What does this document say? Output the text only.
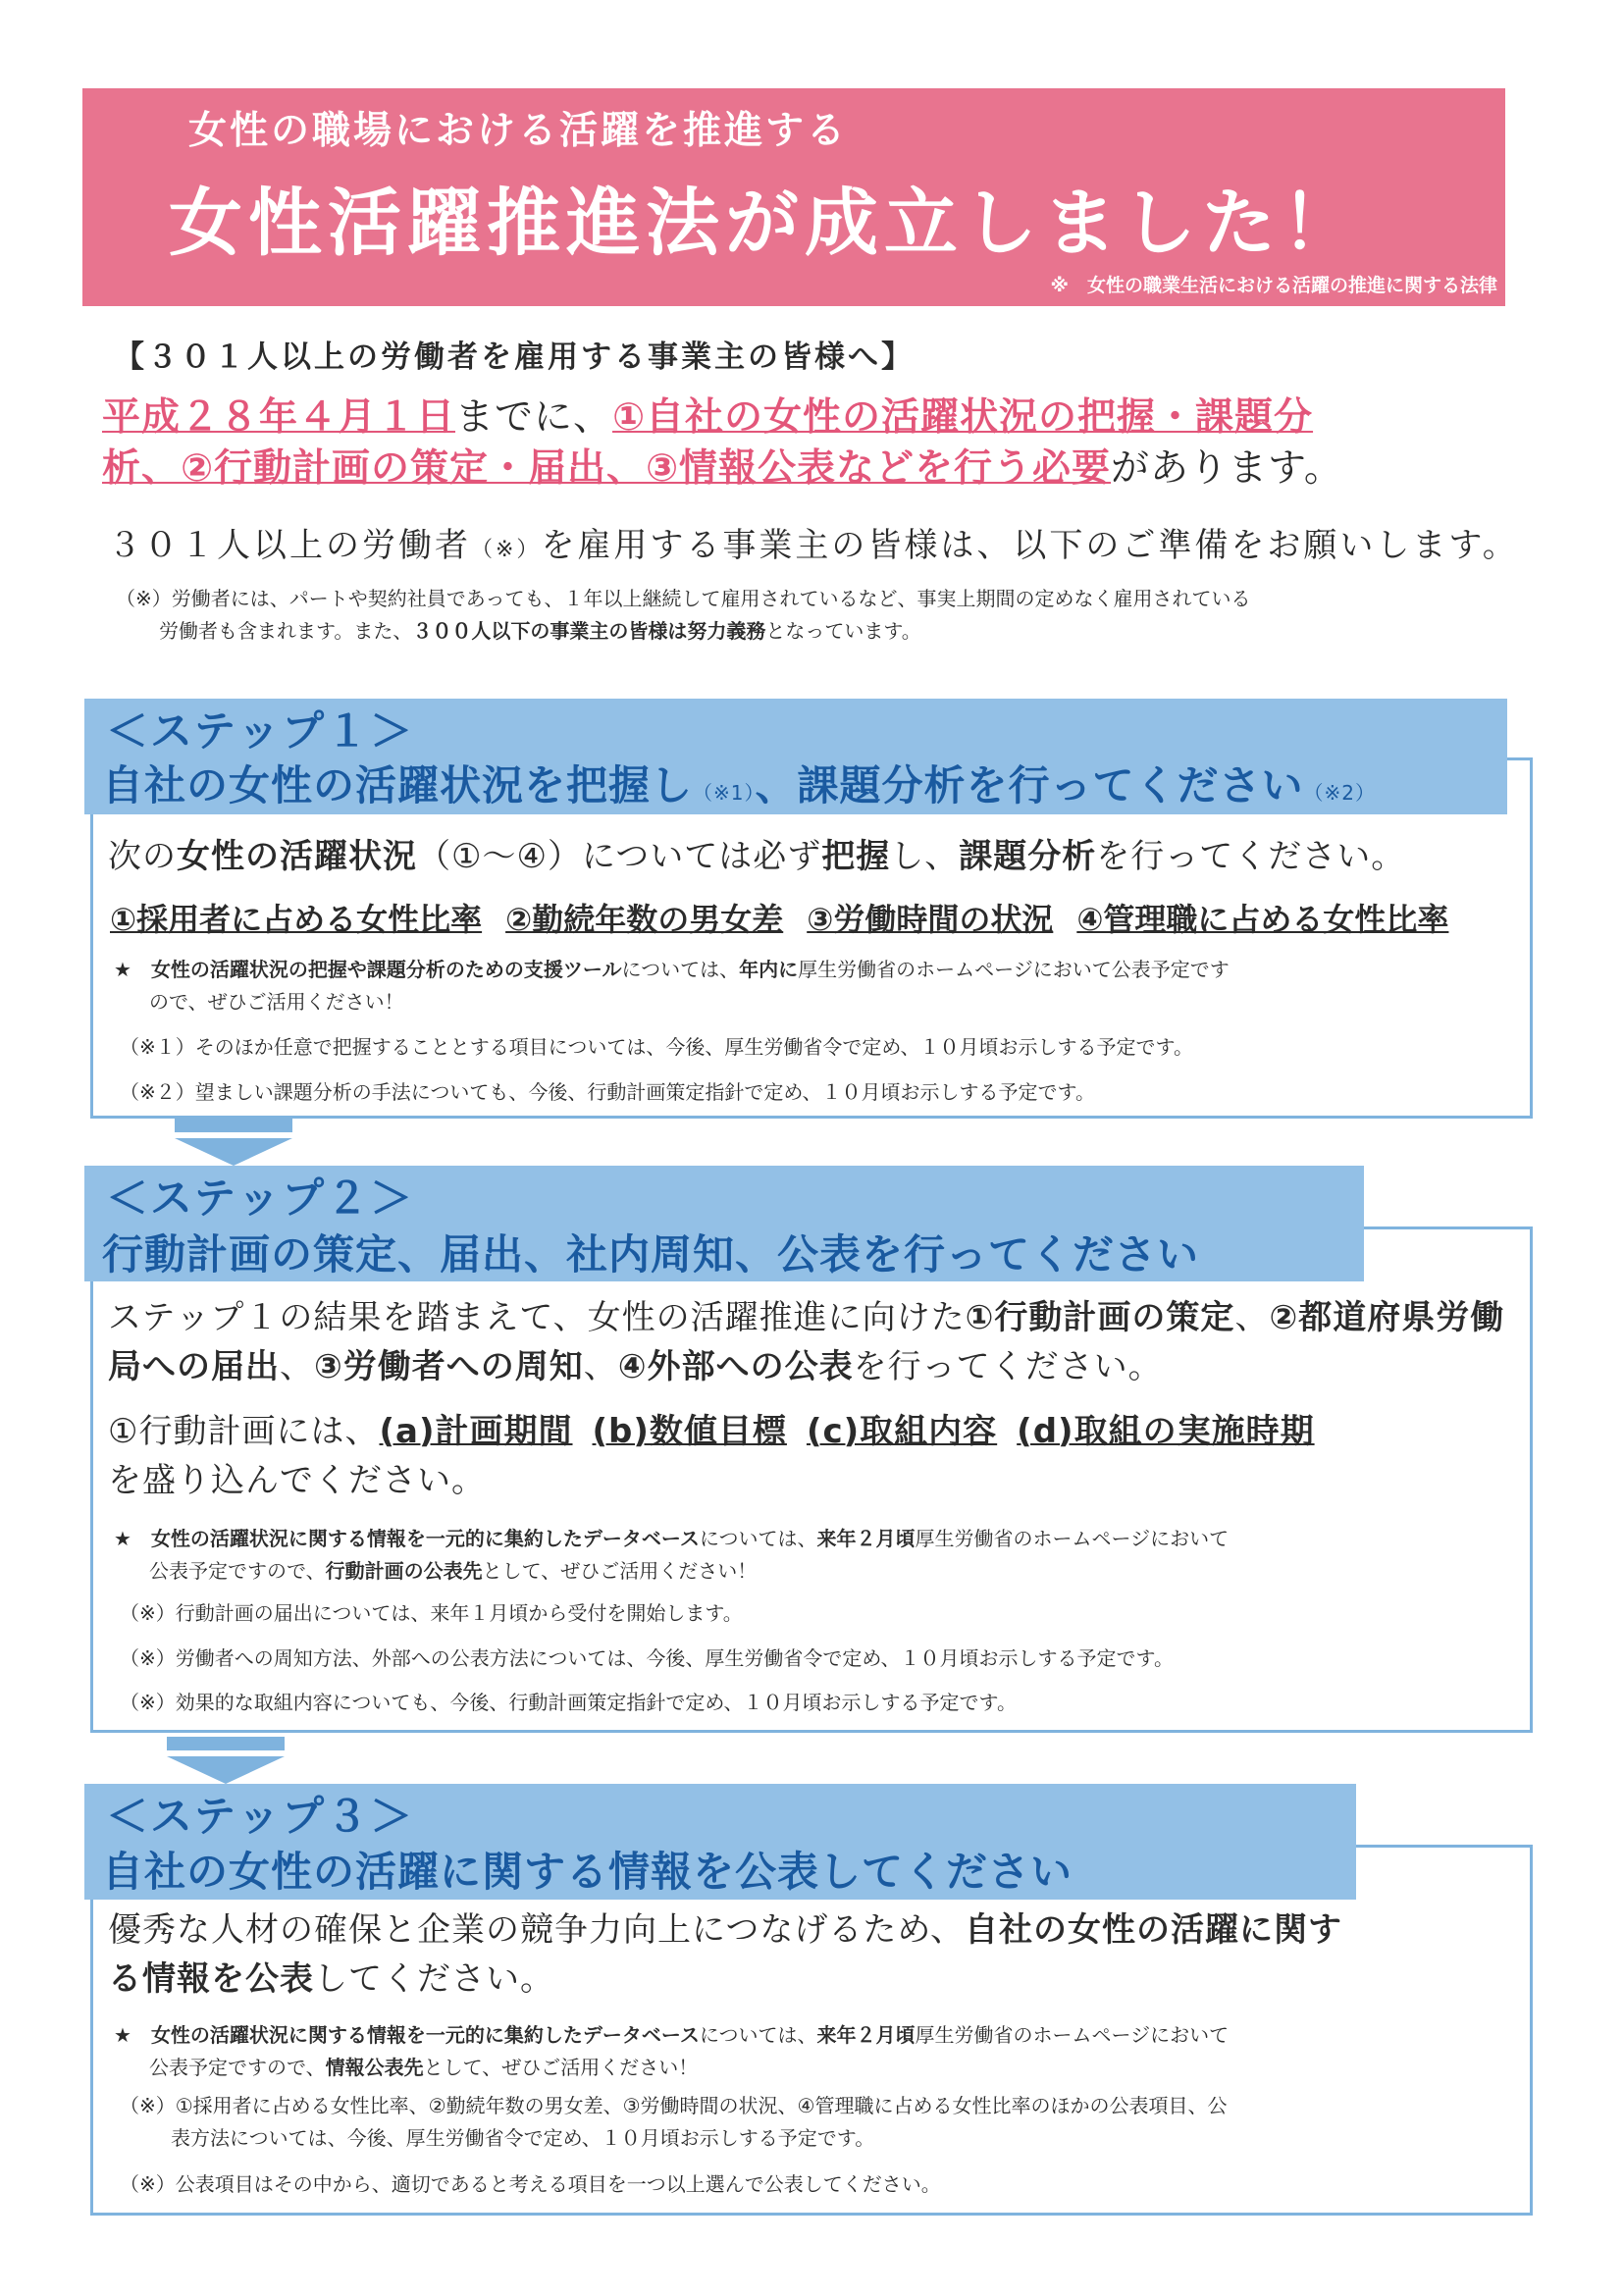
女性の職場における活躍を推進する
女性活躍推進法が成立しました！
※　女性の職業生活における活躍の推進に関する法律
【３０１人以上の労働者を雇用する事業主の皆様へ】
平成２８年４月１日までに、①自社の女性の活躍状況の把握・課題分
析、②行動計画の策定・届出、③情報公表などを行う必要があります。
３０１人以上の労働者（※）を雇用する事業主の皆様は、以下のご準備をお願いします。
（※）労働者には、パートや契約社員であっても、１年以上継続して雇用されているなど、事実上期間の定めなく雇用されている
労働者も含まれます。また、３００人以下の事業主の皆様は努力義務となっています。
＜ステップ１＞
自社の女性の活躍状況を把握し（※1）、課題分析を行ってください（※2）
次の女性の活躍状況（①～④）については必ず把握し、課題分析を行ってください。
①採用者に占める女性比率 ②勤続年数の男女差 ③労働時間の状況 ④管理職に占める女性比率
★　女性の活躍状況の把握や課題分析のための支援ツールについては、年内に厚生労働省のホームページにおいて公表予定です
ので、ぜひご活用ください！
（※１）そのほか任意で把握することとする項目については、今後、厚生労働省令で定め、１０月頃お示しする予定です。
（※２）望ましい課題分析の手法についても、今後、行動計画策定指針で定め、１０月頃お示しする予定です。
＜ステップ２＞
行動計画の策定、届出、社内周知、公表を行ってください
ステップ１の結果を踏まえて、女性の活躍推進に向けた①行動計画の策定、②都道府県労働局への届出、③労働者への周知、④外部への公表を行ってください。
①行動計画には、(a)計画期間 (b)数値目標 (c)取組内容 (d)取組の実施時期
を盛り込んでください。
★　女性の活躍状況に関する情報を一元的に集約したデータベースについては、来年２月頃厚生労働省のホームページにおいて
公表予定ですので、行動計画の公表先として、ぜひご活用ください！
（※）行動計画の届出については、来年１月頃から受付を開始します。
（※）労働者への周知方法、外部への公表方法については、今後、厚生労働省令で定め、１０月頃お示しする予定です。
（※）効果的な取組内容についても、今後、行動計画策定指針で定め、１０月頃お示しする予定です。
＜ステップ３＞
自社の女性の活躍に関する情報を公表してください
優秀な人材の確保と企業の競争力向上につなげるため、自社の女性の活躍に関す
る情報を公表してください。
★　女性の活躍状況に関する情報を一元的に集約したデータベースについては、来年２月頃厚生労働省のホームページにおいて
公表予定ですので、情報公表先として、ぜひご活用ください！
（※）①採用者に占める女性比率、②勤続年数の男女差、③労働時間の状況、④管理職に占める女性比率のほかの公表項目、公
表方法については、今後、厚生労働省令で定め、１０月頃お示しする予定です。
（※）公表項目はその中から、適切であると考える項目を一つ以上選んで公表してください。
